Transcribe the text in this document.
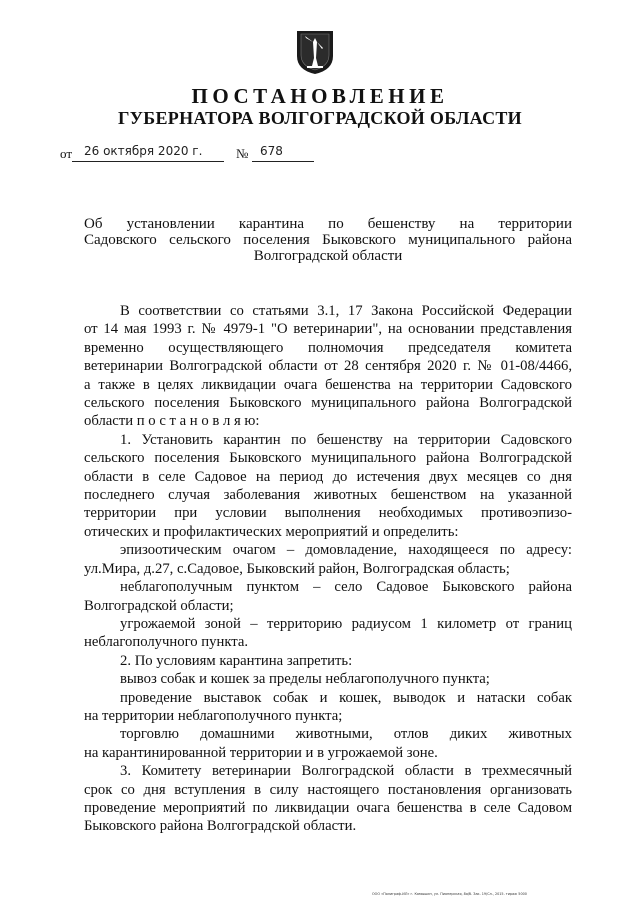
ПОСТАНОВЛЕНИЕ
ГУБЕРНАТОРА ВОЛГОГРАДСКОЙ ОБЛАСТИ
от 26 октября 2020 г.	№ 678
Об установлении карантина по бешенству на территории
Садовского сельского поселения Быковского муниципального района
Волгоградской области
В соответствии со статьями 3.1, 17 Закона Российской Федерации
от 14 мая 1993 г. № 4979-1 "О ветеринарии", на основании представления
временно осуществляющего полномочия председателя комитета
ветеринарии Волгоградской области от 28 сентября 2020 г. № 01-08/4466,
а также в целях ликвидации очага бешенства на территории Садовского
сельского поселения Быковского муниципального района Волгоградской
области п о с т а н о в л я ю:
1. Установить карантин по бешенству на территории Садовского
сельского поселения Быковского муниципального района Волгоградской
области в селе Садовое на период до истечения двух месяцев со дня
последнего случая заболевания животных бешенством на указанной
территории при условии выполнения необходимых противоэпизо-
отических и профилактических мероприятий и определить:
эпизоотическим очагом – домовладение, находящееся по адресу:
ул.Мира, д.27, с.Садовое, Быковский район, Волгоградская область;
неблагополучным пунктом – село Садовое Быковского района
Волгоградской области;
угрожаемой зоной – территорию радиусом 1 километр от границ
неблагополучного пункта.
2. По условиям карантина запретить:
вывоз собак и кошек за пределы неблагополучного пункта;
проведение выставок собак и кошек, выводок и натаски собак
на территории неблагополучного пункта;
торговлю домашними животными, отлов диких животных
на карантинированной территории и в угрожаемой зоне.
3. Комитету ветеринарии Волгоградской области в трехмесячный
срок со дня вступления в силу настоящего постановления организовать
проведение мероприятий по ликвидации очага бешенства в селе Садовом
Быковского района Волгоградской области.
ООО «Полиграф-ИЛ» г. Камышин, ул. Пионерская, 8а/б. Зак. 19/Сл., 2015. тираж 5000
